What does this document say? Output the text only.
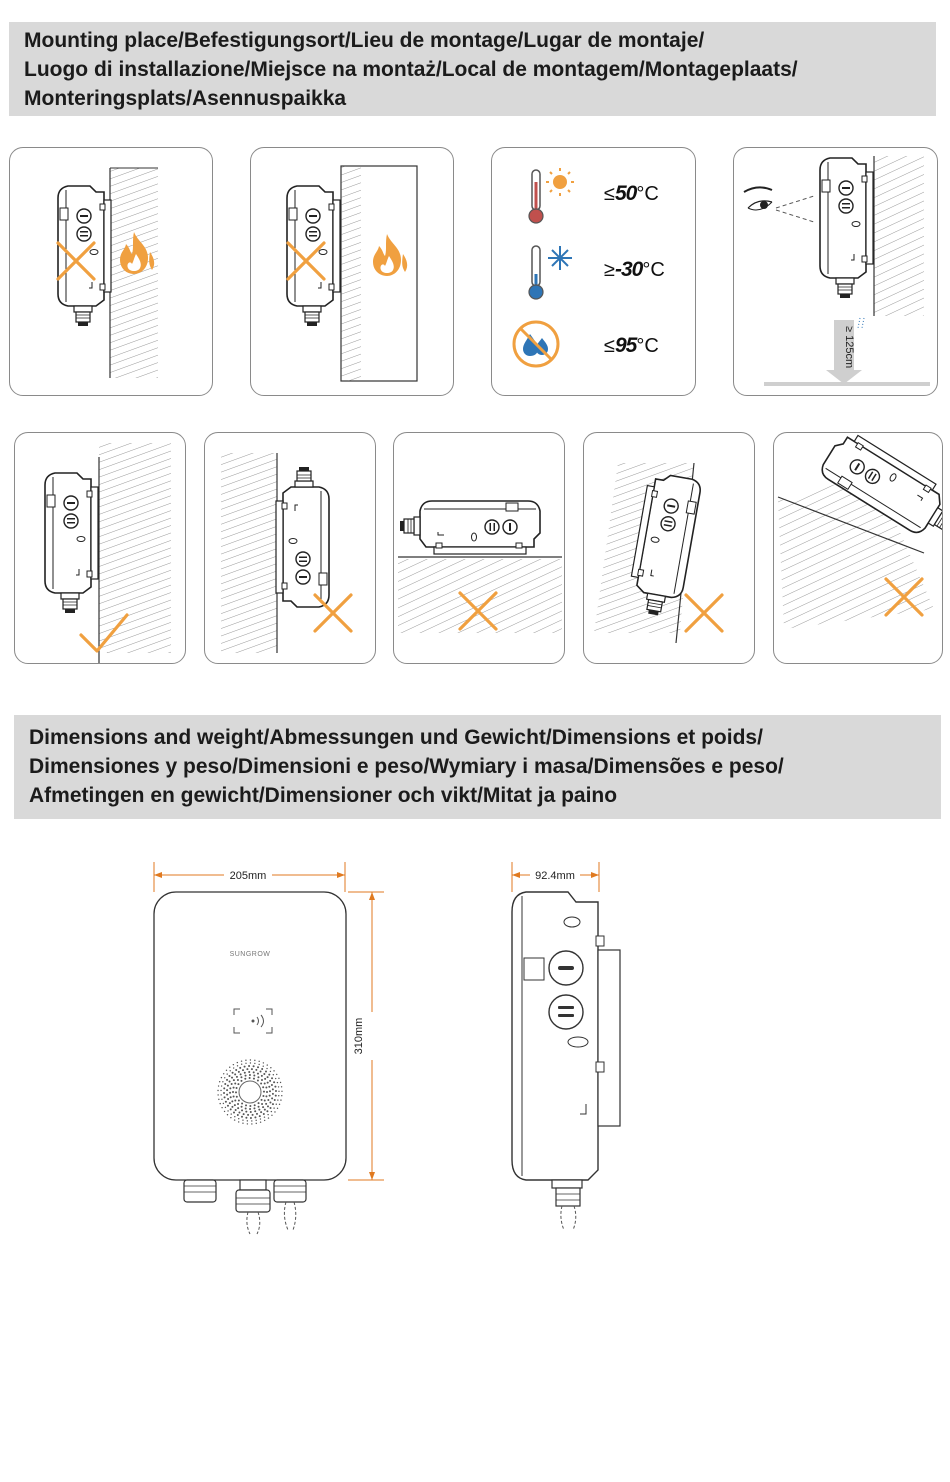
Mounting place/Befestigungsort/Lieu de montage/Lugar de montaje/

Luogo di installazione/Miejsce na montaż/Local de montagem/Montageplaats/

Monteringsplats/Asennuspaikka

≤50°C
≥-30°C
≤95°C	≥ 125cm

Dimensions and weight/Abmessungen und Gewicht/Dimensions et poids/

Dimensiones y peso/Dimensioni e peso/Wymiary i masa/Dimensões e peso/

Afmetingen en gewicht/Dimensioner och vikt/Mitat ja paino

205mm
310mm
SUNGROW
92.4mm
